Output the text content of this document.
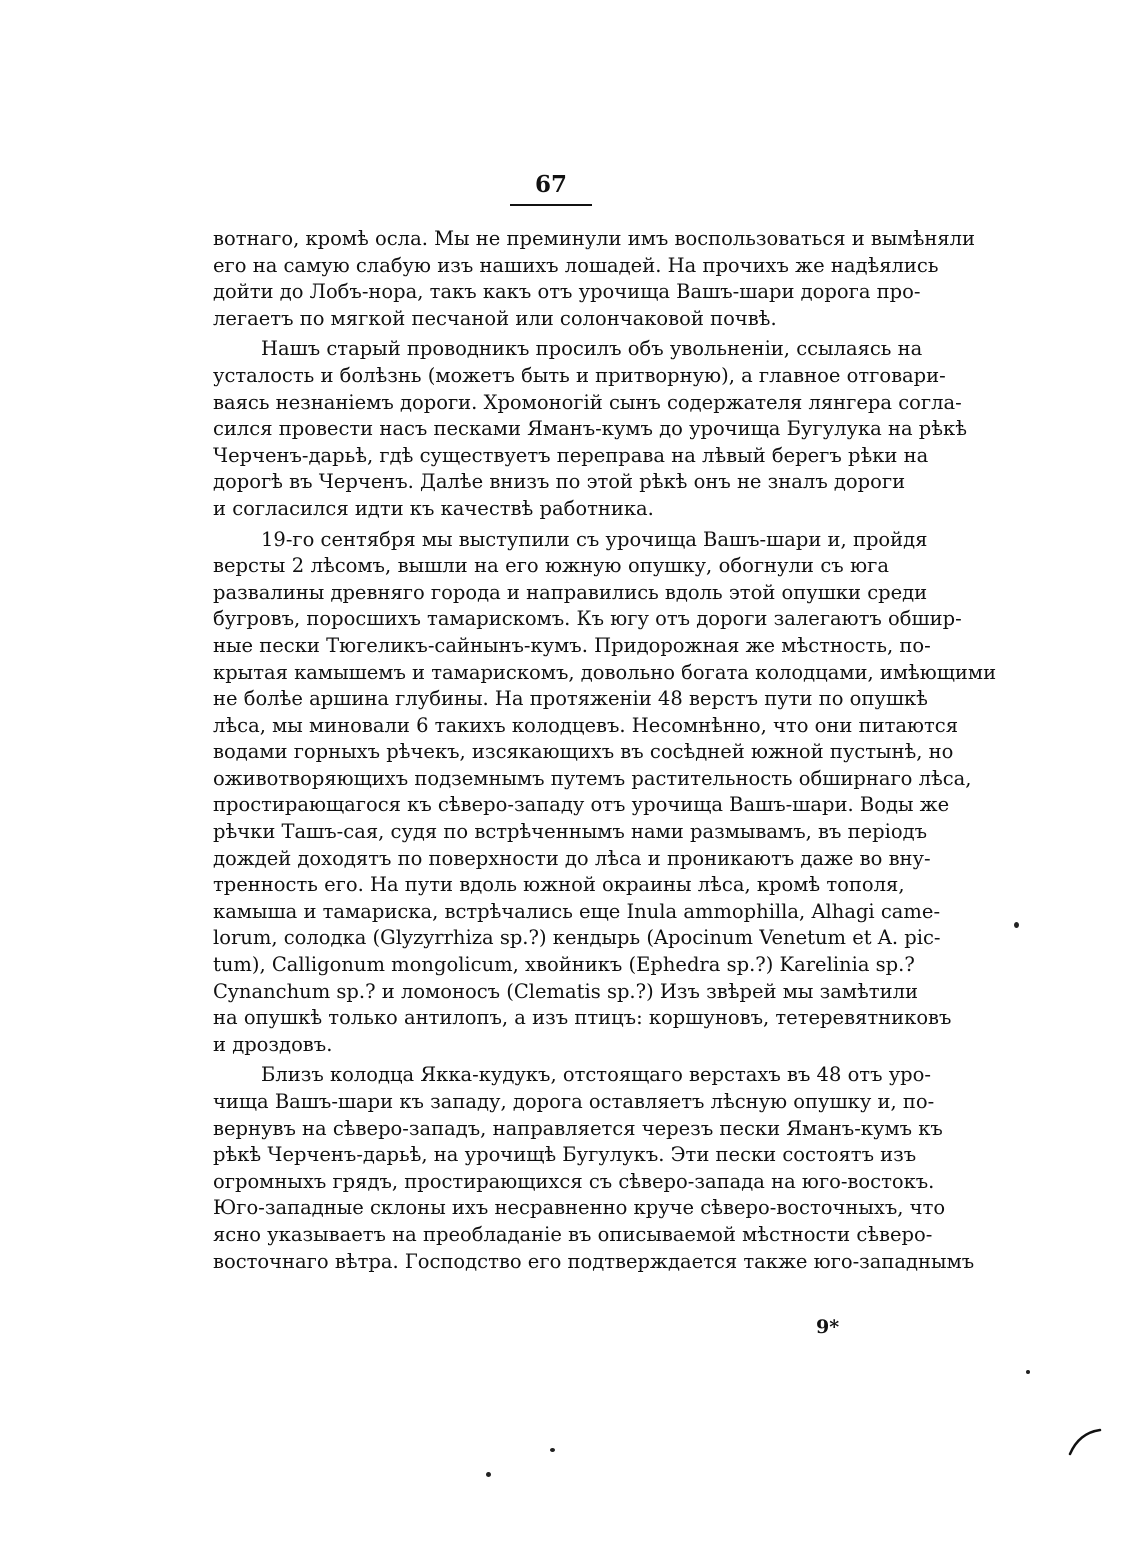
67

вотнаго, кромѣ осла. Мы не преминули имъ воспользоваться и вымѣняли
его на самую слабую изъ нашихъ лошадей. На прочихъ же надѣялись
дойти до Лобъ-нора, такъ какъ отъ урочища Вашъ-шари дорога про-
легаетъ по мягкой песчаной или солончаковой почвѣ.

Нашъ старый проводникъ просилъ объ увольненiи, ссылаясь на
усталость и болѣзнь (можетъ быть и притворную), а главное отговари-
ваясь незнанiемъ дороги. Хромоногiй сынъ содержателя лянгера согла-
сился провести насъ песками Яманъ-кумъ до урочища Бугулука на рѣкѣ
Черченъ-дарьѣ, гдѣ существуетъ переправа на лѣвый берегъ рѣки на
дорогѣ въ Черченъ. Далѣе внизъ по этой рѣкѣ онъ не зналъ дороги
и согласился идти къ качествѣ работника.

19-го сентября мы выступили съ урочища Вашъ-шари и, пройдя
версты 2 лѣсомъ, вышли на его южную опушку, обогнули съ юга
развалины древняго города и направились вдоль этой опушки среди
бугровъ, поросшихъ тамарискомъ. Къ югу отъ дороги залегаютъ обшир-
ные пески Тюгеликъ-сайнынъ-кумъ. Придорожная же мѣстность, по-
крытая камышемъ и тамарискомъ, довольно богата колодцами, имѣющими
не болѣе аршина глубины. На протяженiи 48 верстъ пути по опушкѣ
лѣса, мы миновали 6 такихъ колодцевъ. Несомнѣнно, что они питаются
водами горныхъ рѣчекъ, изсякающихъ въ сосѣдней южной пустынѣ, но
оживотворяющихъ подземнымъ путемъ растительность обширнаго лѣса,
простирающагося къ сѣверо-западу отъ урочища Вашъ-шари. Воды же
рѣчки Ташъ-сая, судя по встрѣченнымъ нами размывамъ, въ перiодъ
дождей доходятъ по поверхности до лѣса и проникаютъ даже во вну-
тренность его. На пути вдоль южной окраины лѣса, кромѣ тополя,
камыша и тамариска, встрѣчались еще Inula ammophilla, Alhagi came-
lorum, солодка (Glyzyrrhiza sp.?) кендырь (Apocinum Venetum et A. pic-
tum), Calligonum mongolicum, хвойникъ (Ephedra sp.?) Karelinia sp.?
Cynanchum sp.? и ломоносъ (Clematis sp.?) Изъ звѣрей мы замѣтили
на опушкѣ только антилопъ, а изъ птицъ: коршуновъ, тетеревятниковъ
и дроздовъ.

Близъ колодца Якка-кудукъ, отстоящаго верстахъ въ 48 отъ уро-
чища Вашъ-шари къ западу, дорога оставляетъ лѣсную опушку и, по-
вернувъ на сѣверо-западъ, направляется черезъ пески Яманъ-кумъ къ
рѣкѣ Черченъ-дарьѣ, на урочищѣ Бугулукъ. Эти пески состоятъ изъ
огромныхъ грядъ, простирающихся съ сѣверо-запада на юго-востокъ.
Юго-западные склоны ихъ несравненно круче сѣверо-восточныхъ, что
ясно указываетъ на преобладанiе въ описываемой мѣстности сѣверо-
восточнаго вѣтра. Господство его подтверждается также юго-западнымъ

9*
